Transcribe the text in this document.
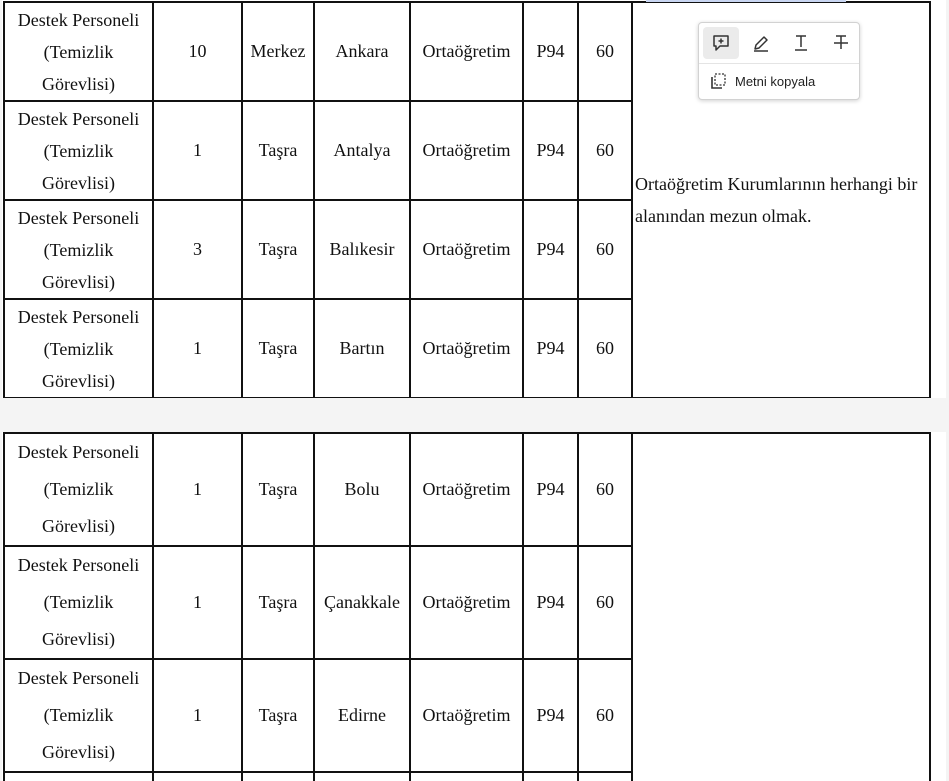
Destek Personeli
(Temizlik
Görevlisi)	10	Merkez	Ankara	Ortaöğretim	P94	60	Ortaöğretim Kurumlarının herhangi bir alanından mezun olmak.

Destek Personeli
(Temizlik
Görevlisi)	1	Taşra	Antalya	Ortaöğretim	P94	60	

Destek Personeli
(Temizlik
Görevlisi)	3	Taşra	Balıkesir	Ortaöğretim	P94	60	

Destek Personeli
(Temizlik
Görevlisi)	1	Taşra	Bartın	Ortaöğretim	P94	60	
Metni kopyala
Destek Personeli
(Temizlik
Görevlisi)	1	Taşra	Bolu	Ortaöğretim	P94	60	

Destek Personeli
(Temizlik
Görevlisi)	1	Taşra	Çanakkale	Ortaöğretim	P94	60	

Destek Personeli
(Temizlik
Görevlisi)	1	Taşra	Edirne	Ortaöğretim	P94	60	
